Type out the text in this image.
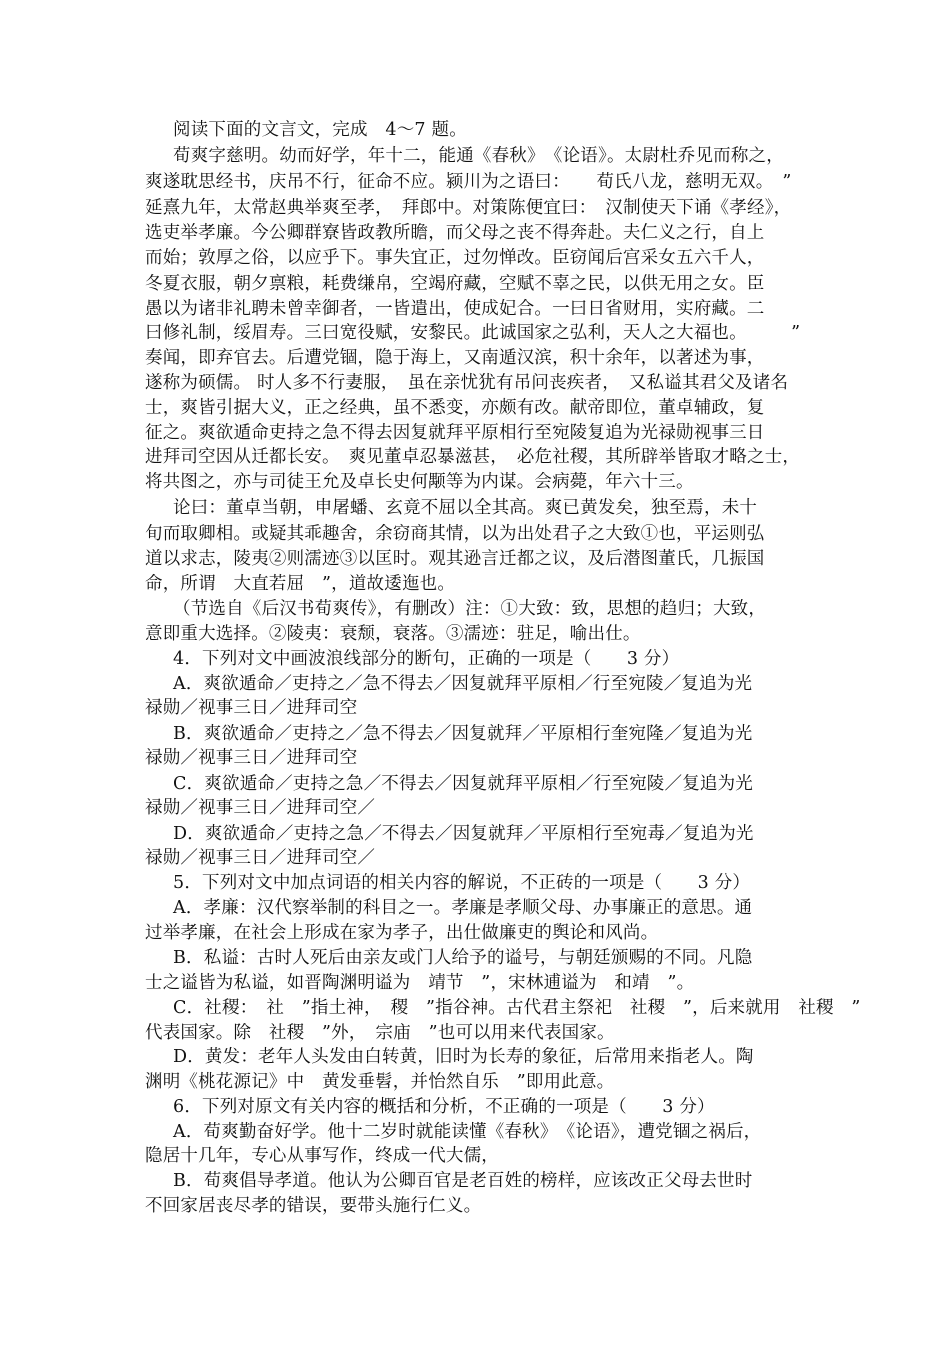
阅读下面的文言文，完成　4～7 题。
荀爽字慈明。幼而好学，年十二，能通《春秋》　《论语》。太尉杜乔见而称之，
爽遂耽思经书，庆吊不行，征命不应。颍川为之语曰：　　荀氏八龙，慈明无双。　”
延熹九年，太常赵典举爽至孝，　拜郎中。对策陈便宜曰：　汉制使天下诵《孝经》，
选吏举孝廉。今公卿群寮皆政教所瞻，而父母之丧不得奔赴。夫仁义之行，自上
而始；敦厚之俗，以应乎下。事失宜正，过勿惮改。臣窃闻后宫采女五六千人，
冬夏衣服，朝夕禀粮，耗费缣帛，空竭府藏，空赋不辜之民，以供无用之女。臣
愚以为诸非礼聘未曾幸御者，一皆遣出，使成妃合。一曰日省财用，实府藏。二
曰修礼制，绥眉寿。三曰宽役赋，安黎民。此诚国家之弘利，天人之大福也。　　　”
奏闻，即弃官去。后遭党锢，隐于海上，又南遁汉滨，积十余年，以著述为事，
遂称为硕儒。 时人多不行妻服，　虽在亲忧犹有吊问丧疾者，　又私谥其君父及诸名
士，爽皆引据大义，正之经典，虽不悉变，亦颇有改。献帝即位，董卓辅政，复
征之。爽欲遁命吏持之急不得去因复就拜平原相行至宛陵复追为光禄勋视事三日
进拜司空因从迁都长安。　爽见董卓忍暴滋甚，　必危社稷，其所辟举皆取才略之士，
将共图之，亦与司徒王允及卓长史何颙等为内谋。会病薨，年六十三。
论曰：董卓当朝，申屠蟠、玄竟不屈以全其高。爽已黄发矣，独至焉，未十
旬而取卿相。或疑其乖趣舍，余窃商其情，以为出处君子之大致①也，平运则弘
道以求志，陵夷②则濡迹③以匡时。观其逊言迁都之议，及后潜图董氏，几振国
命，所谓　大直若屈　”，道故逶迤也。
（节选自《后汉书荀爽传》，有删改）注：①大致：致，思想的趋归；大致，
意即重大选择。②陵夷：衰颓，衰落。③濡迹：驻足，喻出仕。
4．下列对文中画波浪线部分的断句，正确的一项是（　　3 分）
A．爽欲遁命／吏持之／急不得去／因复就拜平原相／行至宛陵／复追为光
禄勋／视事三日／进拜司空
B．爽欲遁命／吏持之／急不得去／因复就拜／平原相行奎宛隆／复追为光
禄勋／视事三日／进拜司空
C．爽欲遁命／吏持之急／不得去／因复就拜平原相／行至宛陵／复追为光
禄勋／视事三日／进拜司空／
D．爽欲遁命／吏持之急／不得去／因复就拜／平原相行至宛毒／复追为光
禄勋／视事三日／进拜司空／
5．下列对文中加点词语的相关内容的解说，不正砖的一项是（　　3 分）
A．孝廉：汉代察举制的科目之一。孝廉是孝顺父母、办事廉正的意思。通
过举孝廉，在社会上形成在家为孝子，出仕做廉吏的舆论和风尚。
B．私谥：古时人死后由亲友或门人给予的谥号，与朝廷颁赐的不同。凡隐
士之谥皆为私谥，如晋陶渊明谥为　靖节　”，宋林逋谥为　和靖　”。
C．社稷：　社　”指土神，　稷　”指谷神。古代君主祭祀　社稷　”，后来就用　社稷　”
代表国家。除　社稷　”外，　宗庙　”也可以用来代表国家。
D．黄发：老年人头发由白转黄，旧时为长寿的象征，后常用来指老人。陶
渊明《桃花源记》中　黄发垂髫，并怡然自乐　”即用此意。
6．下列对原文有关内容的概括和分析，不正确的一项是（　　3 分）
A．荀爽勤奋好学。他十二岁时就能读懂《春秋》　《论语》，遭党锢之祸后，
隐居十几年，专心从事写作，终成一代大儒，
B．荀爽倡导孝道。他认为公卿百官是老百姓的榜样，应该改正父母去世时
不回家居丧尽孝的错误，要带头施行仁义。
